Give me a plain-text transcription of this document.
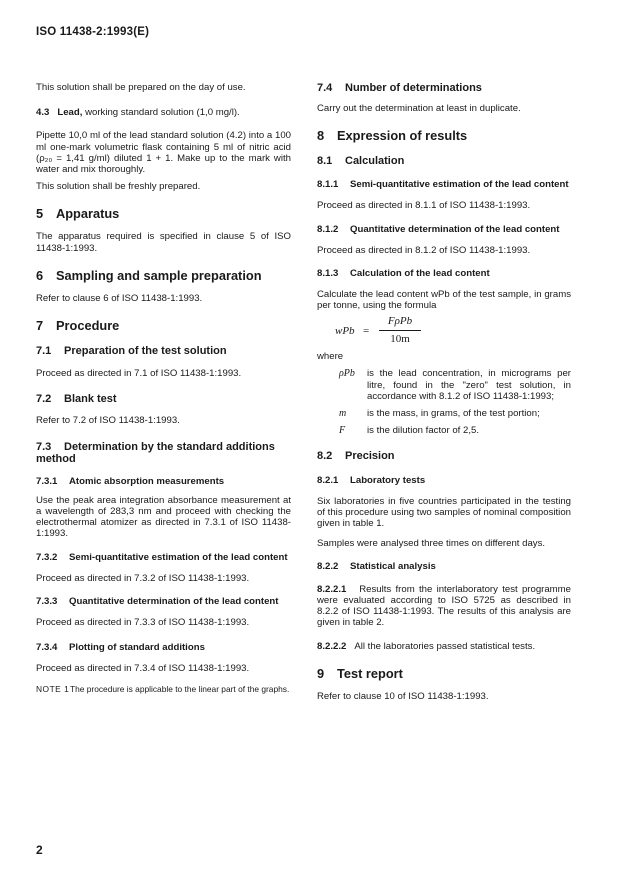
ISO 11438-2:1993(E)

This solution shall be prepared on the day of use.

4.3 Lead, working standard solution (1,0 mg/l).

Pipette 10,0 ml of the lead standard solution (4.2) into a 100 ml one-mark volumetric flask containing 5 ml of nitric acid (ρ₂₀ = 1,41 g/ml) diluted 1 + 1. Make up to the mark with water and mix thoroughly.

This solution shall be freshly prepared.

5 Apparatus

The apparatus required is specified in clause 5 of ISO 11438-1:1993.

6 Sampling and sample preparation

Refer to clause 6 of ISO 11438-1:1993.

7 Procedure
7.1 Preparation of the test solution

Proceed as directed in 7.1 of ISO 11438-1:1993.

7.2 Blank test

Refer to 7.2 of ISO 11438-1:1993.

7.3 Determination by the standard additions method
7.3.1 Atomic absorption measurements

Use the peak area integration absorbance measurement at a wavelength of 283,3 nm and proceed with checking the electrothermal atomizer as directed in 7.3.1 of ISO 11438-1:1993.

7.3.2 Semi-quantitative estimation of the lead content

Proceed as directed in 7.3.2 of ISO 11438-1:1993.

7.3.3 Quantitative determination of the lead content

Proceed as directed in 7.3.3 of ISO 11438-1:1993.

7.3.4 Plotting of standard additions

Proceed as directed in 7.3.4 of ISO 11438-1:1993.

NOTE 1The procedure is applicable to the linear part of the graphs.

7.4 Number of determinations

Carry out the determination at least in duplicate.

8 Expression of results
8.1 Calculation
8.1.1 Semi-quantitative estimation of the lead content

Proceed as directed in 8.1.1 of ISO 11438-1:1993.

8.1.2 Quantitative determination of the lead content

Proceed as directed in 8.1.2 of ISO 11438-1:1993.

8.1.3 Calculation of the lead content

Calculate the lead content wPb of the test sample, in grams per tonne, using the formula

wPb =
FρPb
10m

where

ρPb	is the lead concentration, in micrograms per litre, found in the "zero" test solution, in accordance with 8.1.2 of ISO 11438-1:1993;
m	is the mass, in grams, of the test portion;
F	is the dilution factor of 2,5.
8.2 Precision
8.2.1 Laboratory tests

Six laboratories in five countries participated in the testing of this procedure using two samples of nominal composition given in table 1.

Samples were analysed three times on different days.

8.2.2 Statistical analysis

8.2.2.1 Results from the interlaboratory test programme were evaluated according to ISO 5725 as described in 8.2.2 of ISO 11438-1:1993. The results of this analysis are given in table 2.

8.2.2.2 All the laboratories passed statistical tests.

9 Test report

Refer to clause 10 of ISO 11438-1:1993.

2
